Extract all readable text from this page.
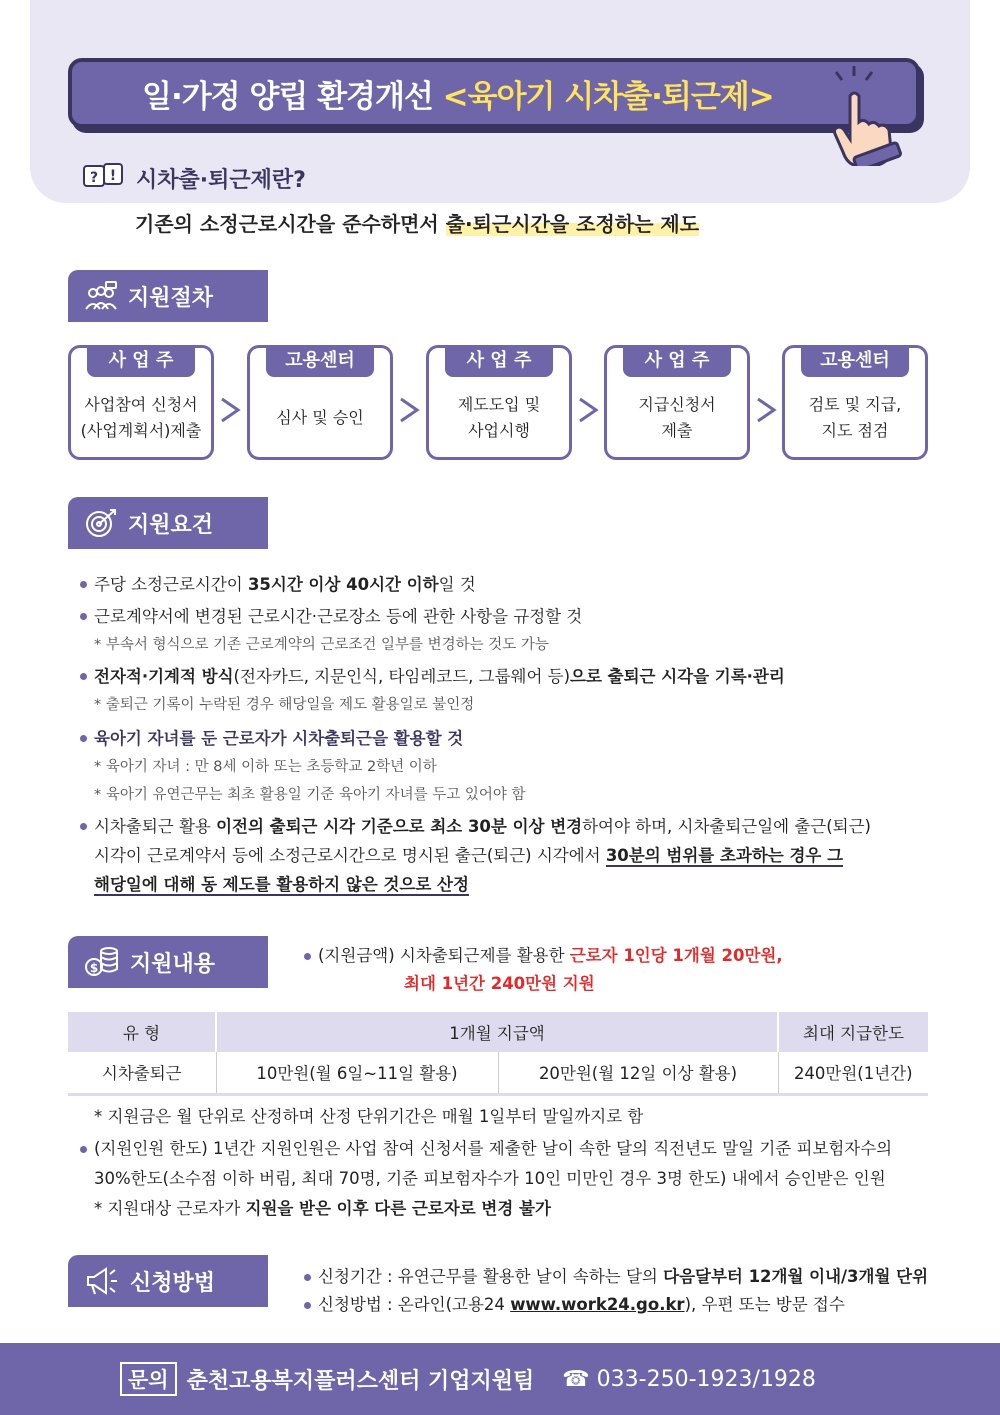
일·가정 양립 환경개선 <육아기 시차출·퇴근제>
? ! 시차출·퇴근제란?
기존의 소정근로시간을 준수하면서 출·퇴근시간을 조정하는 제도
지원절차
사 업 주
사업참여 신청서
(사업계획서)제출
고용센터
심사 및 승인
사 업 주
제도도입 및
사업시행
사 업 주
지급신청서
제출
고용센터
검토 및 지급,
지도 점검
지원요건
주당 소정근로시간이 35시간 이상 40시간 이하일 것
근로계약서에 변경된 근로시간·근로장소 등에 관한 사항을 규정할 것
* 부속서 형식으로 기존 근로계약의 근로조건 일부를 변경하는 것도 가능
전자적·기계적 방식(전자카드, 지문인식, 타임레코드, 그룹웨어 등)으로 출퇴근 시각을 기록·관리
* 출퇴근 기록이 누락된 경우 해당일을 제도 활용일로 불인정
육아기 자녀를 둔 근로자가 시차출퇴근을 활용할 것
* 육아기 자녀 : 만 8세 이하 또는 초등학교 2학년 이하
* 육아기 유연근무는 최초 활용일 기준 육아기 자녀를 두고 있어야 함
시차출퇴근 활용 이전의 출퇴근 시각 기준으로 최소 30분 이상 변경하여야 하며, 시차출퇴근일에 출근(퇴근)
시각이 근로계약서 등에 소정근로시간으로 명시된 출근(퇴근) 시각에서 30분의 범위를 초과하는 경우 그
해당일에 대해 동 제도를 활용하지 않은 것으로 산정
$ 지원내용	(지원금액) 시차출퇴근제를 활용한 근로자 1인당 1개월 20만원,
최대 1년간 240만원 지원
유 형	1개월 지급액		최대 지급한도
시차출퇴근	10만원(월 6일~11일 활용)	20만원(월 12일 이상 활용)	240만원(1년간)
* 지원금은 월 단위로 산정하며 산정 단위기간은 매월 1일부터 말일까지로 함
(지원인원 한도) 1년간 지원인원은 사업 참여 신청서를 제출한 날이 속한 달의 직전년도 말일 기준 피보험자수의
30%한도(소수점 이하 버림, 최대 70명, 기준 피보험자수가 10인 미만인 경우 3명 한도) 내에서 승인받은 인원
* 지원대상 근로자가 지원을 받은 이후 다른 근로자로 변경 불가
신청방법	신청기간 : 유연근무를 활용한 날이 속하는 달의 다음달부터 12개월 이내/3개월 단위
신청방법 : 온라인(고용24 www.work24.go.kr), 우편 또는 방문 접수
문의 춘천고용복지플러스센터 기업지원팀 ☎ 033-250-1923/1928
